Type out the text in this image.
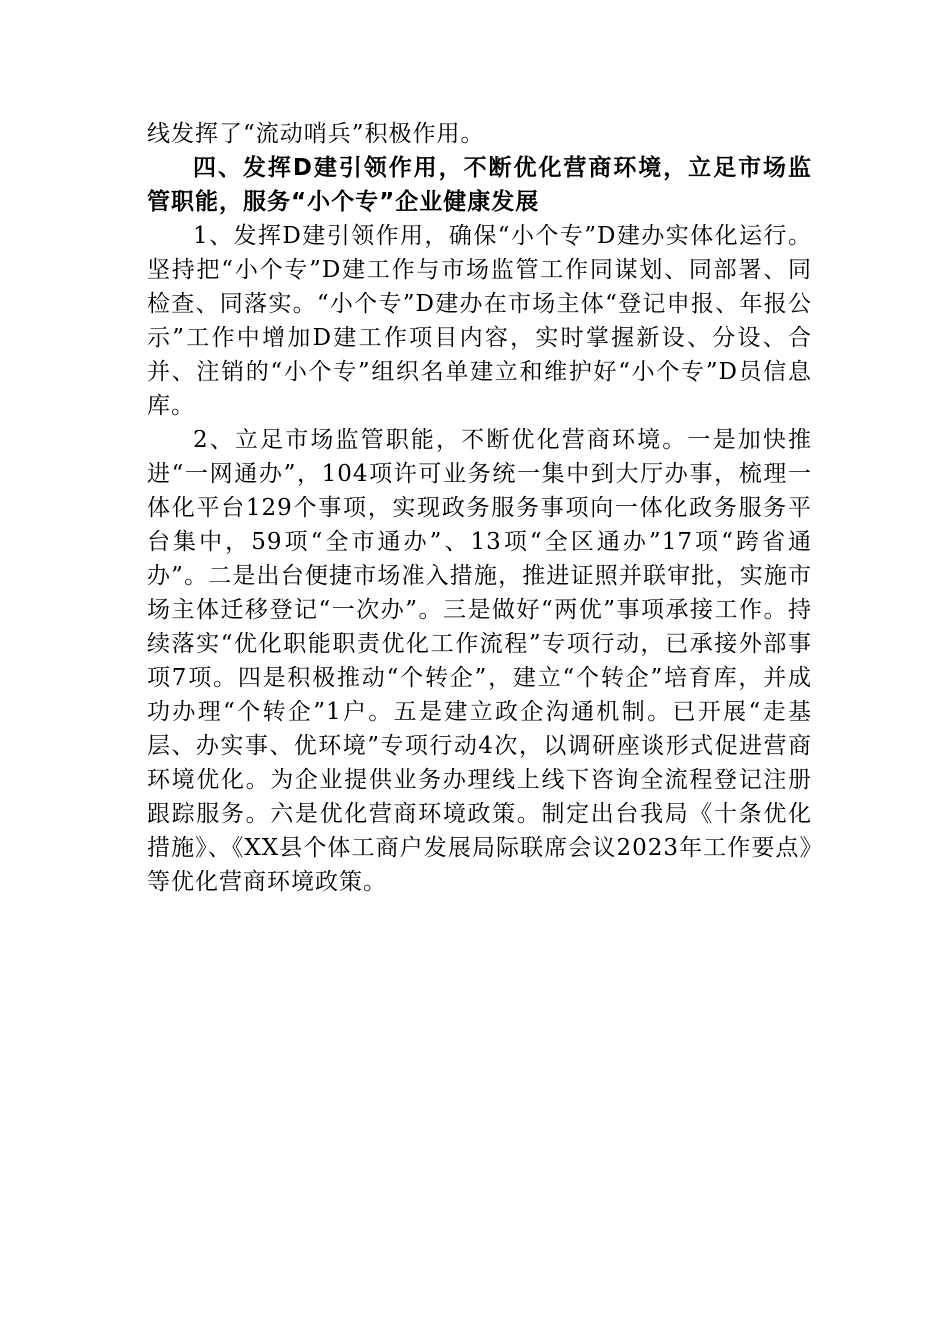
线发挥了“流动哨兵”积极作用。

四、发挥D建引领作用，不断优化营商环境，立足市场监管职能，服务“小个专”企业健康发展

1、发挥D建引领作用，确保“小个专”D建办实体化运行。坚持把“小个专”D建工作与市场监管工作同谋划、同部署、同检查、同落实。“小个专”D建办在市场主体“登记申报、年报公示”工作中增加D建工作项目内容，实时掌握新设、分设、合并、注销的“小个专”组织名单建立和维护好“小个专”D员信息库。

2、立足市场监管职能，不断优化营商环境。一是加快推进“一网通办”，104项许可业务统一集中到大厅办事，梳理一体化平台129个事项，实现政务服务事项向一体化政务服务平台集中，59项“全市通办”、13项“全区通办”17项“跨省通办”。二是出台便捷市场准入措施，推进证照并联审批，实施市场主体迁移登记“一次办”。三是做好“两优”事项承接工作。持续落实“优化职能职责优化工作流程”专项行动，已承接外部事项7项。四是积极推动“个转企”，建立“个转企”培育库，并成功办理“个转企”1户。五是建立政企沟通机制。已开展“走基层、办实事、优环境”专项行动4次，以调研座谈形式促进营商环境优化。为企业提供业务办理线上线下咨询全流程登记注册跟踪服务。六是优化营商环境政策。制定出台我局《十条优化措施》、《XX县个体工商户发展局际联席会议2023年工作要点》等优化营商环境政策。
